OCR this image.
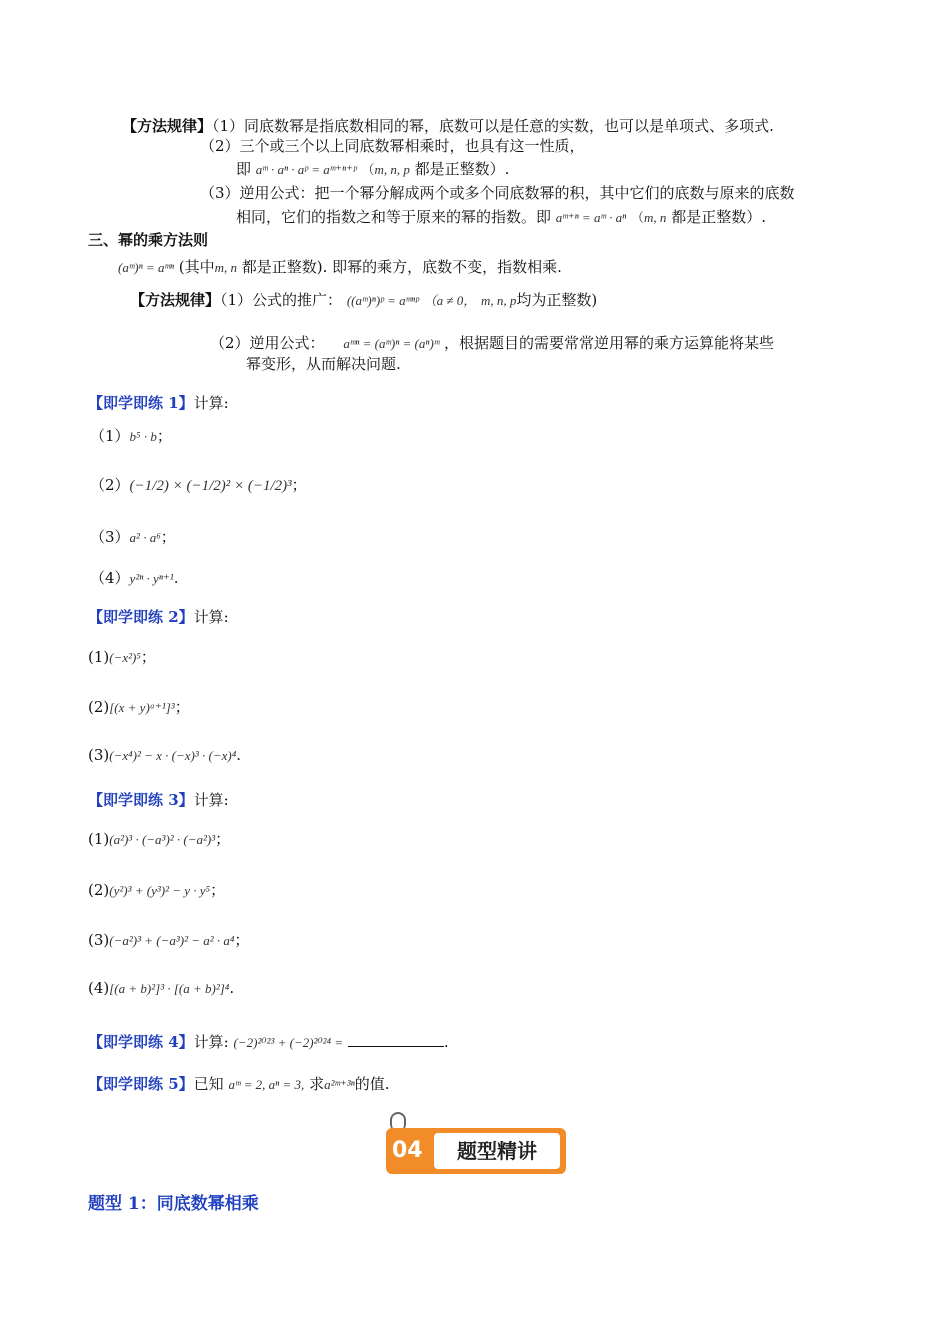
【方法规律】（1）同底数幂是指底数相同的幂，底数可以是任意的实数，也可以是单项式、多项式.
（2）三个或三个以上同底数幂相乘时，也具有这一性质，
即 aᵐ · aⁿ · aᵖ = aᵐ⁺ⁿ⁺ᵖ （m, n, p 都是正整数）.
（3）逆用公式：把一个幂分解成两个或多个同底数幂的积，其中它们的底数与原来的底数
相同，它们的指数之和等于原来的幂的指数。即 aᵐ⁺ⁿ = aᵐ · aⁿ （m, n 都是正整数）.
三、幂的乘方法则
(aᵐ)ⁿ = aᵐⁿ (其中m, n 都是正整数). 即幂的乘方，底数不变，指数相乘.
【方法规律】（1）公式的推广： ((aᵐ)ⁿ)ᵖ = aᵐⁿᵖ （a ≠ 0， m, n, p均为正整数)
（2）逆用公式： aᵐⁿ = (aᵐ)ⁿ = (aⁿ)ᵐ ，根据题目的需要常常逆用幂的乘方运算能将某些
幂变形，从而解决问题.
【即学即练 1】计算:
（1）b⁵ · b；
（2）(−1/2) × (−1/2)² × (−1/2)³；
（3）a² · a⁶；
（4）y²ⁿ · yⁿ⁺¹.
【即学即练 2】计算:
(1)(−x²)⁵；
(2)[(x + y)ᵃ⁺¹]³；
(3)(−x⁴)² − x · (−x)³ · (−x)⁴.
【即学即练 3】计算:
(1)(a²)³ · (−a³)² · (−a²)³；
(2)(y²)³ + (y³)² − y · y⁵；
(3)(−a²)³ + (−a³)² − a² · a⁴；
(4)[(a + b)²]³ · [(a + b)²]⁴.
【即学即练 4】计算: (−2)²⁰²³ + (−2)²⁰²⁴ =	.
【即学即练 5】已知 aᵐ = 2, aⁿ = 3, 求a²ᵐ⁺³ⁿ的值.
04	题型精讲
题型 1：同底数幂相乘
